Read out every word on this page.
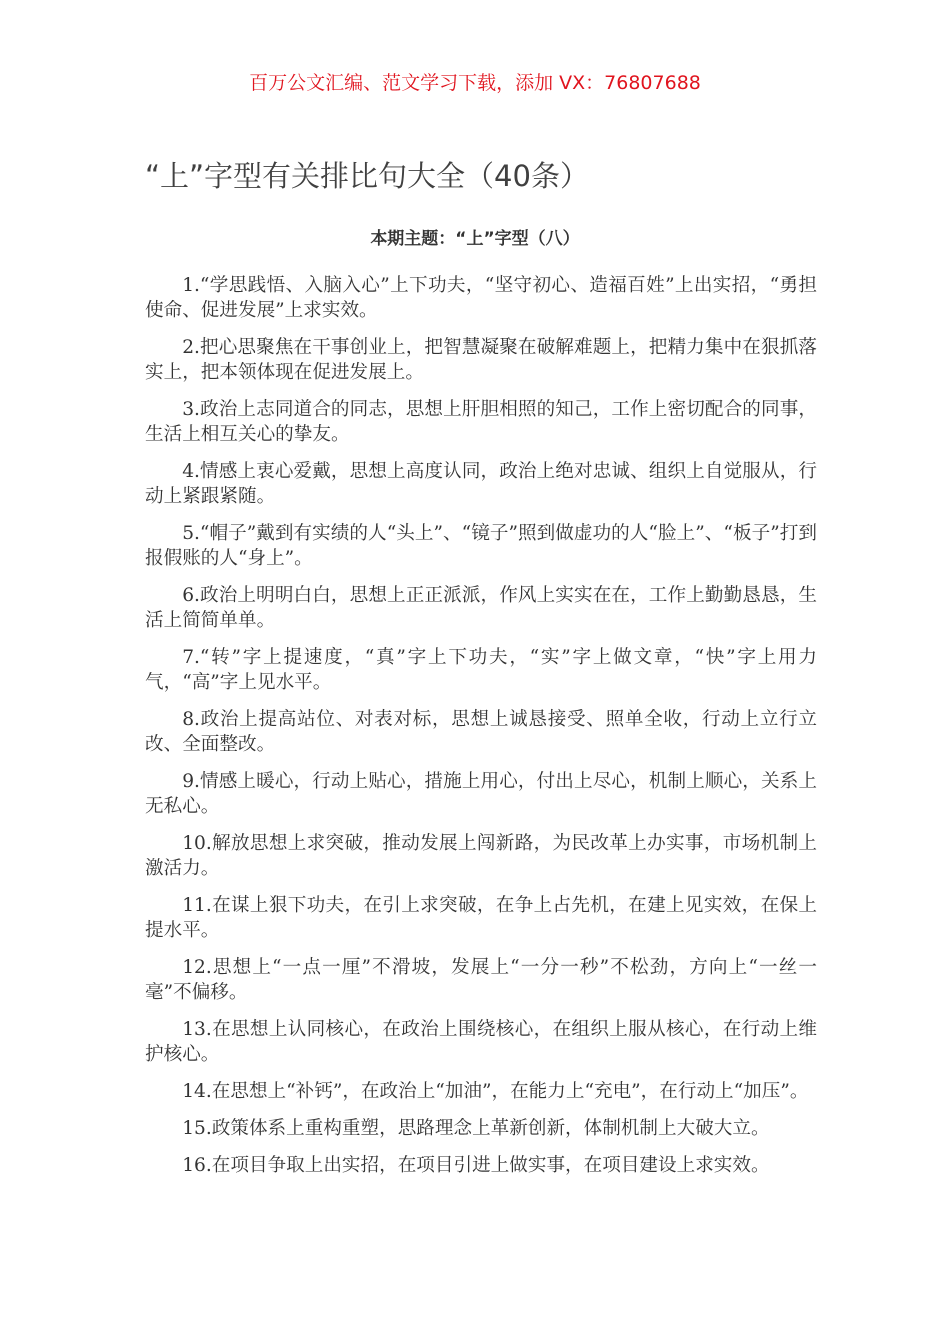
百万公文汇编、范文学习下载，添加 VX：76807688
“上”字型有关排比句大全（40条）
本期主题：“上”字型（八）

1.“学思践悟、入脑入心”上下功夫，“坚守初心、造福百姓”上出实招，“勇担使命、促进发展”上求实效。

2.把心思聚焦在干事创业上，把智慧凝聚在破解难题上，把精力集中在狠抓落实上，把本领体现在促进发展上。

3.政治上志同道合的同志，思想上肝胆相照的知己，工作上密切配合的同事，生活上相互关心的挚友。

4.情感上衷心爱戴，思想上高度认同，政治上绝对忠诚、组织上自觉服从，行动上紧跟紧随。

5.“帽子”戴到有实绩的人“头上”、“镜子”照到做虚功的人“脸上”、“板子”打到报假账的人“身上”。

6.政治上明明白白，思想上正正派派，作风上实实在在，工作上勤勤恳恳，生活上简简单单。

7.“转”字上提速度，“真”字上下功夫，“实”字上做文章，“快”字上用力气，“高”字上见水平。

8.政治上提高站位、对表对标，思想上诚恳接受、照单全收，行动上立行立改、全面整改。

9.情感上暖心，行动上贴心，措施上用心，付出上尽心，机制上顺心，关系上无私心。

10.解放思想上求突破，推动发展上闯新路，为民改革上办实事，市场机制上激活力。

11.在谋上狠下功夫，在引上求突破，在争上占先机，在建上见实效，在保上提水平。

12.思想上“一点一厘”不滑坡，发展上“一分一秒”不松劲，方向上“一丝一毫”不偏移。

13.在思想上认同核心，在政治上围绕核心，在组织上服从核心，在行动上维护核心。

14.在思想上“补钙”，在政治上“加油”，在能力上“充电”，在行动上“加压”。

15.政策体系上重构重塑，思路理念上革新创新，体制机制上大破大立。

16.在项目争取上出实招，在项目引进上做实事，在项目建设上求实效。
